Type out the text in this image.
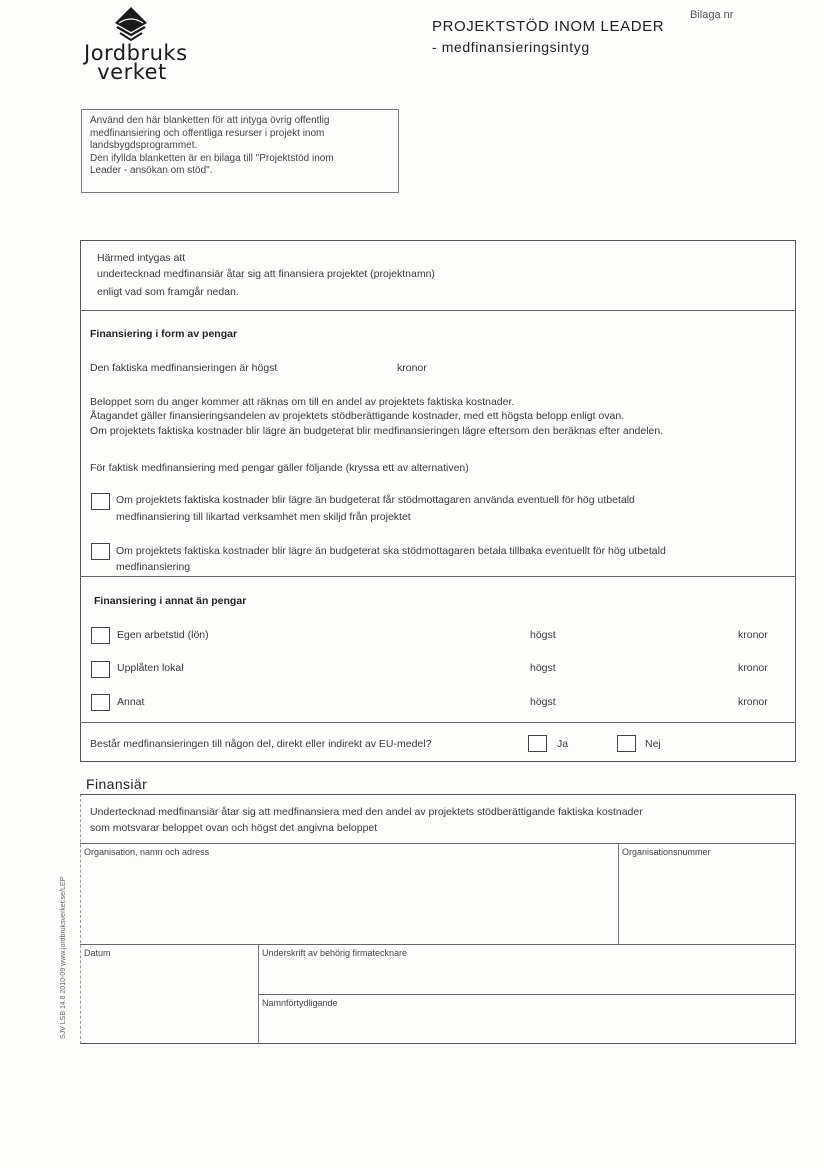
Jordbruks
verket
PROJEKTSTÖD INOM LEADER
- medfinansieringsintyg
Bilaga nr
Använd den här blanketten för att intyga övrig offentlig
medfinansiering och offentliga resurser i projekt inom
landsbygdsprogrammet.
Den ifyllda blanketten är en bilaga till "Projektstöd inom
Leader - ansökan om stöd".
Härmed intygas att
undertecknad medfinansiär åtar sig att finansiera projektet (projektnamn)
enligt vad som framgår nedan.
Finansiering i form av pengar
Den faktiska medfinansieringen är högst	kronor
Beloppet som du anger kommer att räknas om till en andel av projektets faktiska kostnader.
Åtagandet gäller finansieringsandelen av projektets stödberättigande kostnader, med ett högsta belopp enligt ovan.
Om projektets faktiska kostnader blir lägre än budgeterat blir medfinansieringen lägre eftersom den beräknas efter andelen.
För faktisk medfinansiering med pengar gäller följande (kryssa ett av alternativen)
Om projektets faktiska kostnader blir lägre än budgeterat får stödmottagaren använda eventuell för hög utbetald
medfinansiering till likartad verksamhet men skiljd från projektet
Om projektets faktiska kostnader blir lägre än budgeterat ska stödmottagaren betala tillbaka eventuellt för hög utbetald
medfinansiering
Finansiering i annat än pengar
Egen arbetstid (lön)	högst	kronor
Upplåten lokal	högst	kronor
Annat	högst	kronor
Består medfinansieringen till någon del, direkt eller indirekt av EU-medel?	Ja	Nej
Finansiär
Undertecknad medfinansiär åtar sig att medfinansiera med den andel av projektets stödberättigande faktiska kostnader
som motsvarar beloppet ovan och högst det angivna beloppet
Organisation, namn och adress	Organisationsnummer
Datum	Underskrift av behörig firmatecknare
Namnförtydligande
SJV LSB 14.8 2010-09 www.jordbruksverket.se/LEP
